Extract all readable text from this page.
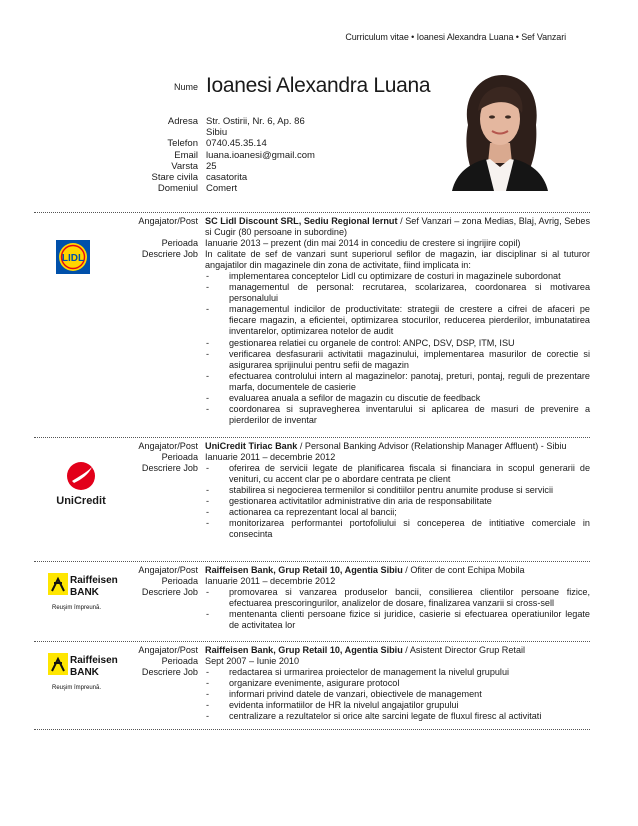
Curriculum vitae • Ioanesi Alexandra Luana • Sef Vanzari
Nume Ioanesi Alexandra Luana
Adresa Str. Ostirii, Nr. 6, Ap. 86
Sibiu
Telefon 0740.45.35.14
Email luana.ioanesi@gmail.com
Varsta 25
Stare civila casatorita
Domeniul Comert
LIDL
Angajator/Post
Perioada
Descriere Job

SC Lidl Discount SRL, Sediu Regional Iernut / Sef Vanzari – zona Medias, Blaj, Avrig, Sebes si Cugir (80 persoane in subordine)

Ianuarie 2013 – prezent (din mai 2014 in concediu de crestere si ingrijire copil)

In calitate de sef de vanzari sunt superiorul sefilor de magazin, iar disciplinar si al tuturor angajatilor din magazinele din zona de activitate, fiind implicata in:

- implementarea conceptelor Lidl cu optimizare de costuri in magazinele subordonat
- managementul de personal: recrutarea, scolarizarea, coordonarea si motivarea personalului
- managementul indicilor de productivitate: strategii de crestere a cifrei de afaceri pe fiecare magazin, a eficientei, optimizarea stocurilor, reducerea pierderilor, imbunatatirea inventarelor, optimizarea notelor de audit
- gestionarea relatiei cu organele de control: ANPC, DSV, DSP, ITM, ISU
- verificarea desfasurarii activitatii magazinului, implementarea masurilor de corectie si asigurarea sprijinului pentru sefii de magazin
- efectuarea controlului intern al magazinelor: panotaj, preturi, pontaj, reguli de prezentare marfa, documentele de casierie
- evaluarea anuala a sefilor de magazin cu discutie de feedback
- coordonarea si supravegherea inventarului si aplicarea de masuri de prevenire a pierderilor de inventar
UniCredit
Angajator/Post
Perioada
Descriere Job

UniCredit Tiriac Bank / Personal Banking Advisor (Relationship Manager Affluent) - Sibiu

Ianuarie 2011 – decembrie 2012

- oferirea de servicii legate de planificarea fiscala si financiara in scopul generarii de venituri, cu accent clar pe o abordare centrata pe client
- stabilirea si negocierea termenilor si conditiilor pentru anumite produse si servicii
- gestionarea activitatilor administrative din aria de responsabilitate
- actionarea ca reprezentant local al bancii;
- monitorizarea performantei portofoliului si conceperea de intitiative comerciale in consecinta
Raiffeisen
BANK
Reuşim împreună.
Angajator/Post
Perioada
Descriere Job

Raiffeisen Bank, Grup Retail 10, Agentia Sibiu / Ofiter de cont Echipa Mobila

Ianuarie 2011 – decembrie 2012

- promovarea si vanzarea produselor bancii, consilierea clientilor persoane fizice, efectuarea prescoringurilor, analizelor de dosare, finalizarea vanzarii si cross-sell
- mentenanta clienti persoane fizice si juridice, casierie si efectuarea operatiunilor legate de activitatea lor
Raiffeisen
BANK
Reuşim împreună.
Angajator/Post
Perioada
Descriere Job

Raiffeisen Bank, Grup Retail 10, Agentia Sibiu / Asistent Director Grup Retail

Sept 2007 – Iunie 2010

- redactarea si urmarirea proiectelor de management la nivelul grupului
- organizare evenimente, asigurare protocol
- informari privind datele de vanzari, obiectivele de management
- evidenta informatiilor de HR la nivelul angajatilor grupului
- centralizare a rezultatelor si orice alte sarcini legate de fluxul firesc al activitati
